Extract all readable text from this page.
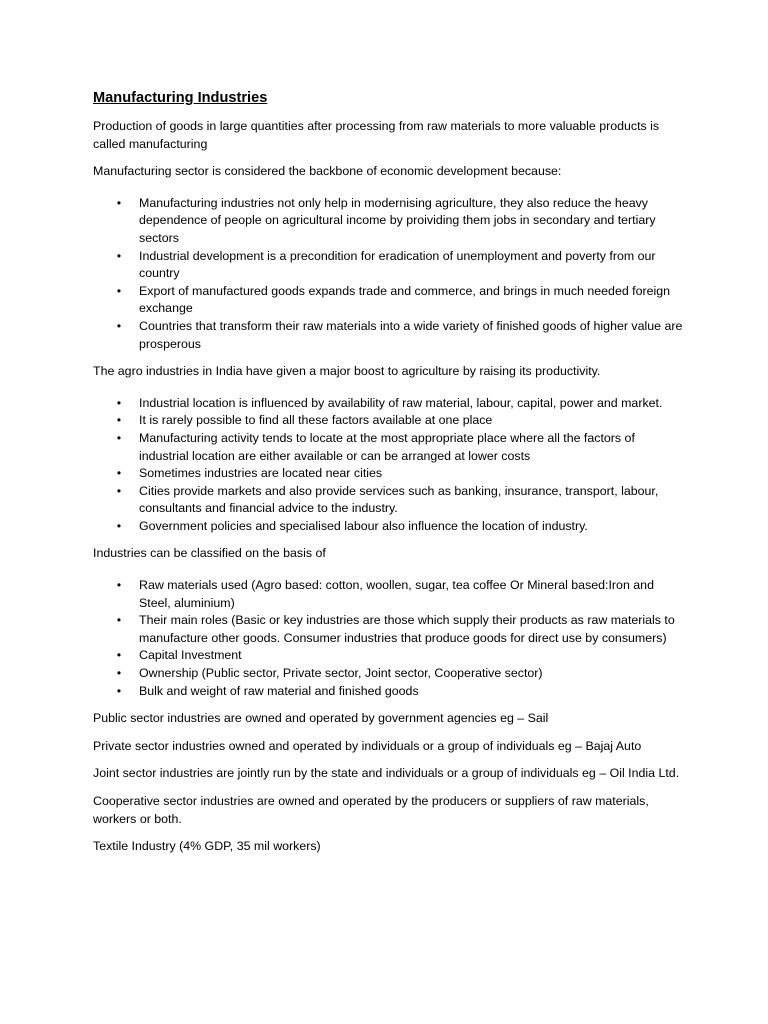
Manufacturing Industries

Production of goods in large quantities after processing from raw materials to more valuable products is called manufacturing

Manufacturing sector is considered the backbone of economic development because:

• Manufacturing industries not only help in modernising agriculture, they also reduce the heavy dependence of people on agricultural income by proividing them jobs in secondary and tertiary sectors
• Industrial development is a precondition for eradication of unemployment and poverty from our country
• Export of manufactured goods expands trade and commerce, and brings in much needed foreign exchange
• Countries that transform their raw materials into a wide variety of finished goods of higher value are prosperous

The agro industries in India have given a major boost to agriculture by raising its productivity.

• Industrial location is influenced by availability of raw material, labour, capital, power and market.
• It is rarely possible to find all these factors available at one place
• Manufacturing activity tends to locate at the most appropriate place where all the factors of industrial location are either available or can be arranged at lower costs
• Sometimes industries are located near cities
• Cities provide markets and also provide services such as banking, insurance, transport, labour, consultants and financial advice to the industry.
• Government policies and specialised labour also influence the location of industry.

Industries can be classified on the basis of

• Raw materials used (Agro based: cotton, woollen, sugar, tea coffee Or Mineral based:Iron and Steel, aluminium)
• Their main roles (Basic or key industries are those which supply their products as raw materials to manufacture other goods. Consumer industries that produce goods for direct use by consumers)
• Capital Investment
• Ownership (Public sector, Private sector, Joint sector, Cooperative sector)
• Bulk and weight of raw material and finished goods

Public sector industries are owned and operated by government agencies eg – Sail

Private sector industries owned and operated by individuals or a group of individuals eg – Bajaj Auto

Joint sector industries are jointly run by the state and individuals or a group of individuals eg – Oil India Ltd.

Cooperative sector industries are owned and operated by the producers or suppliers of raw materials, workers or both.

Textile Industry (4% GDP, 35 mil workers)
